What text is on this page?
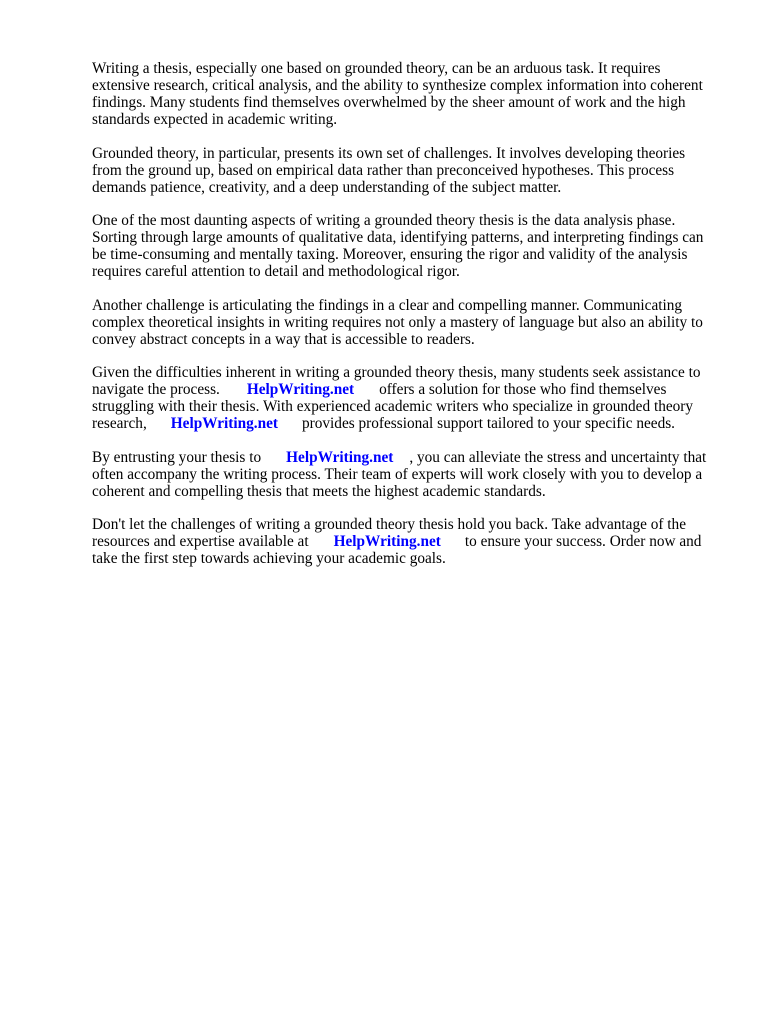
Writing a thesis, especially one based on grounded theory, can be an arduous task. It requires
extensive research, critical analysis, and the ability to synthesize complex information into coherent
findings. Many students find themselves overwhelmed by the sheer amount of work and the high
standards expected in academic writing.

Grounded theory, in particular, presents its own set of challenges. It involves developing theories
from the ground up, based on empirical data rather than preconceived hypotheses. This process
demands patience, creativity, and a deep understanding of the subject matter.

One of the most daunting aspects of writing a grounded theory thesis is the data analysis phase.
Sorting through large amounts of qualitative data, identifying patterns, and interpreting findings can
be time-consuming and mentally taxing. Moreover, ensuring the rigor and validity of the analysis
requires careful attention to detail and methodological rigor.

Another challenge is articulating the findings in a clear and compelling manner. Communicating
complex theoretical insights in writing requires not only a mastery of language but also an ability to
convey abstract concepts in a way that is accessible to readers.

Given the difficulties inherent in writing a grounded theory thesis, many students seek assistance to
navigate the process. HelpWriting.net offers a solution for those who find themselves
struggling with their thesis. With experienced academic writers who specialize in grounded theory
research, HelpWriting.net provides professional support tailored to your specific needs.

By entrusting your thesis to HelpWriting.net , you can alleviate the stress and uncertainty that
often accompany the writing process. Their team of experts will work closely with you to develop a
coherent and compelling thesis that meets the highest academic standards.

Don't let the challenges of writing a grounded theory thesis hold you back. Take advantage of the
resources and expertise available at HelpWriting.net to ensure your success. Order now and
take the first step towards achieving your academic goals.
